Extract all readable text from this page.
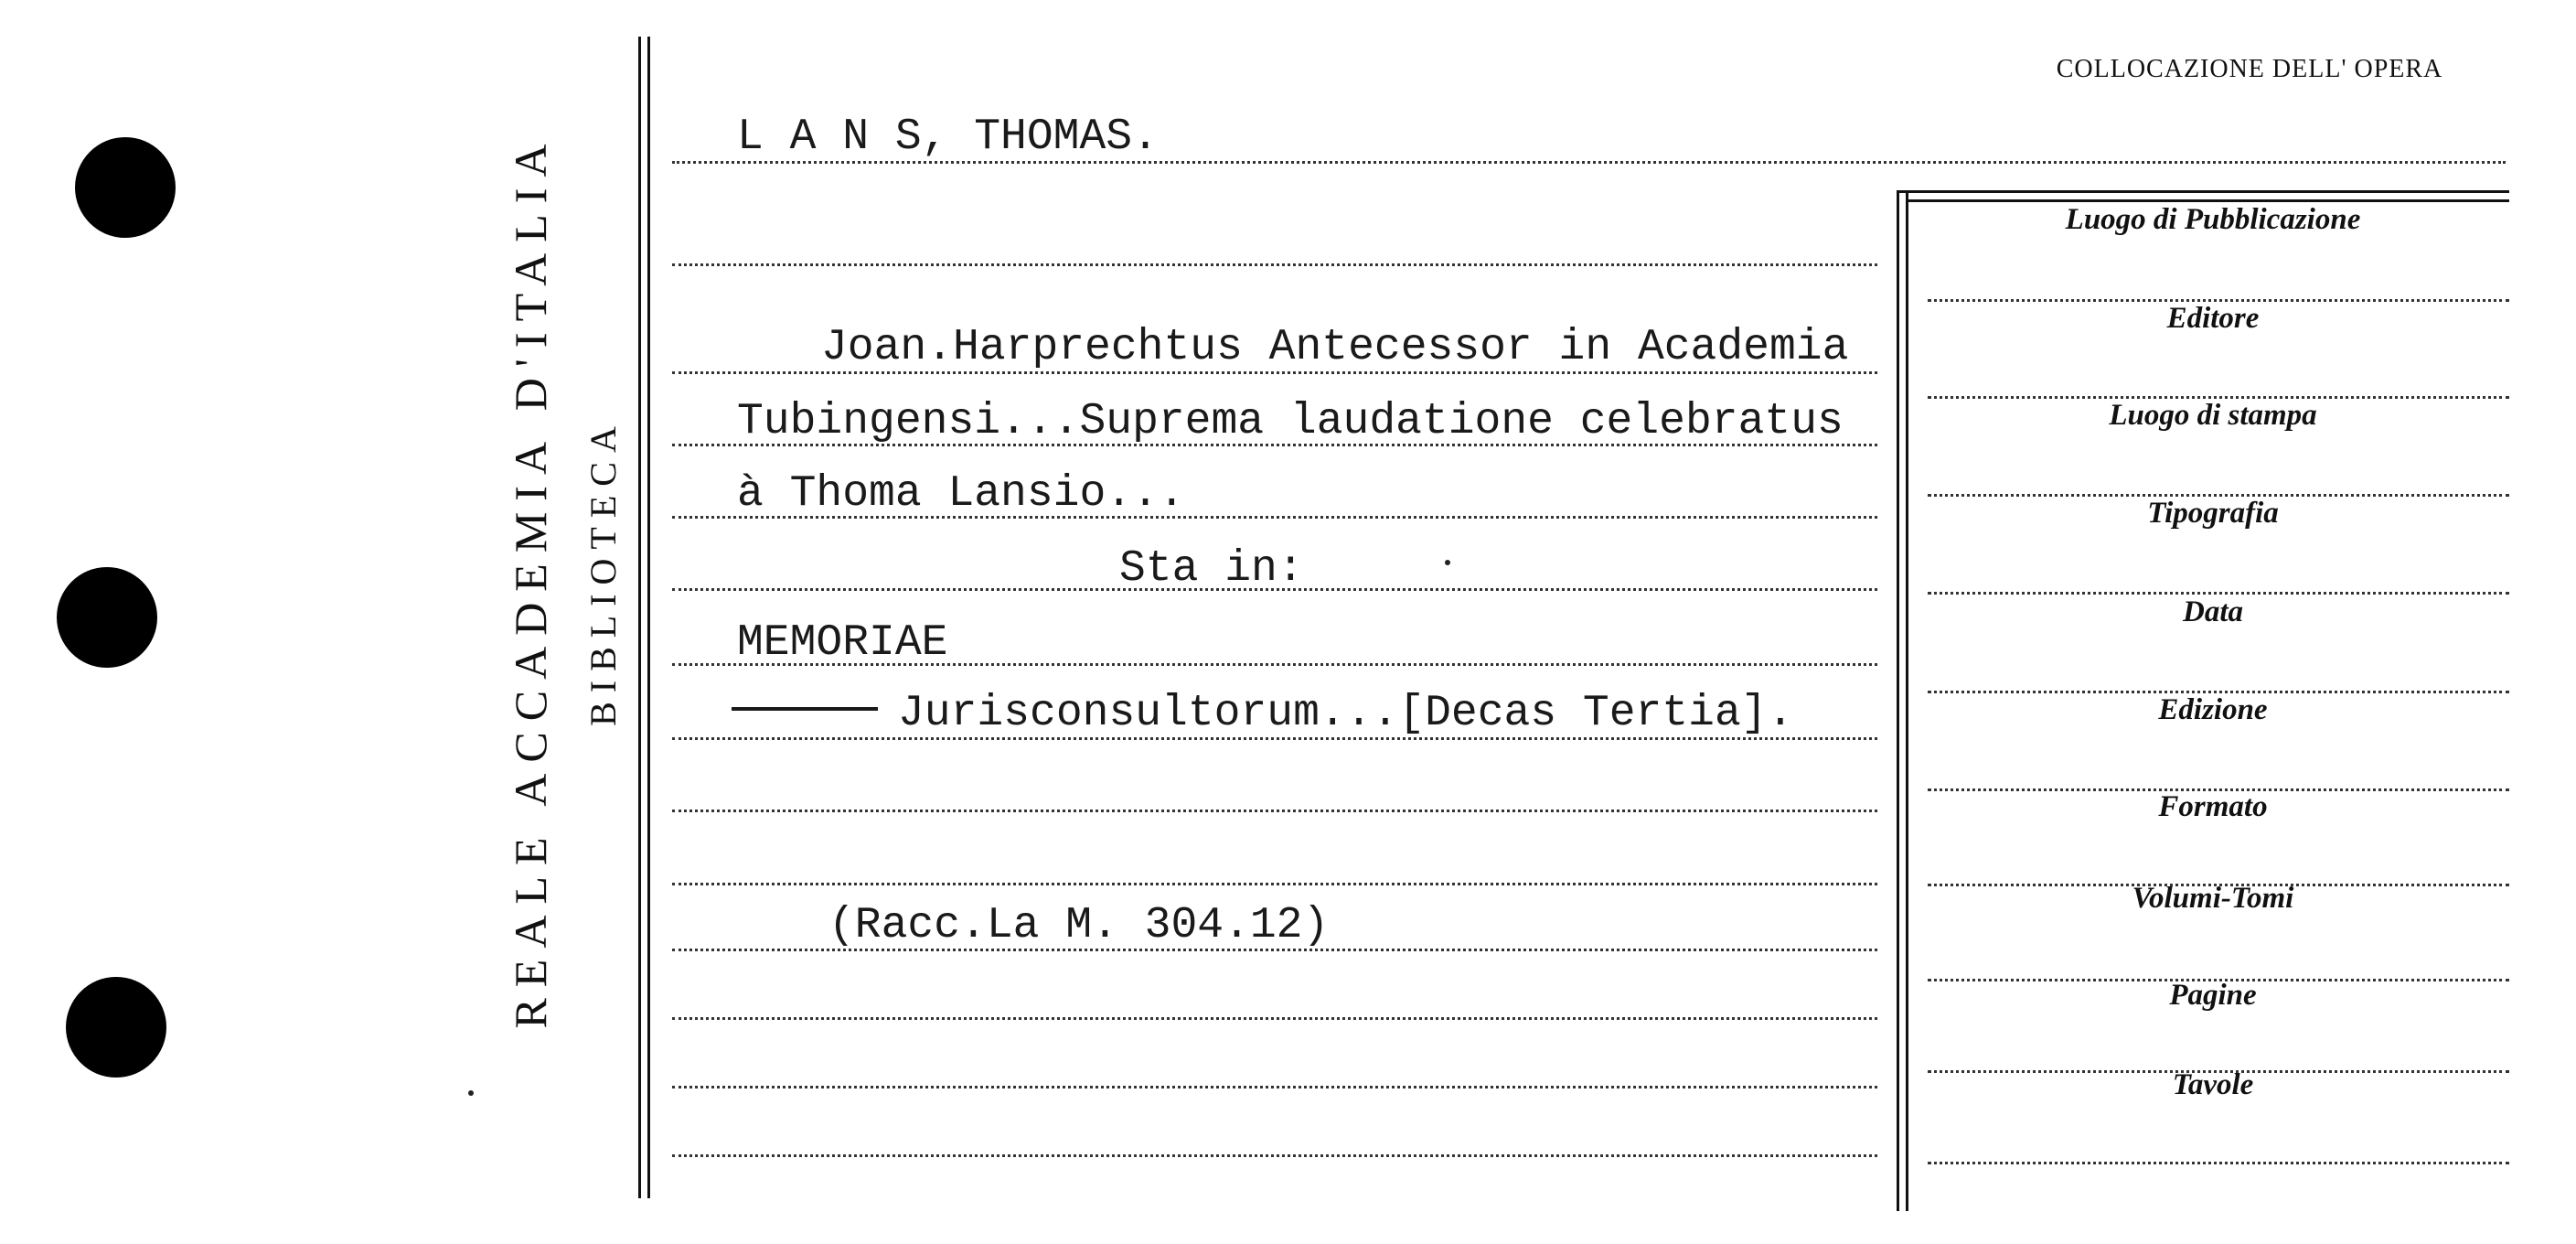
REALE ACCADEMIA D'ITALIA BIBLIOTECA
COLLOCAZIONE DELL' OPERA
L A N S, THOMAS.
Joan.Harprechtus Antecessor in Academia
Tubingensi...Suprema laudatione celebratus
à Thoma Lansio...
Sta in:
MEMORIAE
Jurisconsultorum...[Decas Tertia].
(Racc.La M. 304.12)
Luogo di Pubblicazione
Editore
Luogo di stampa
Tipografia
Data
Edizione
Formato
Volumi-Tomi
Pagine
Tavole
